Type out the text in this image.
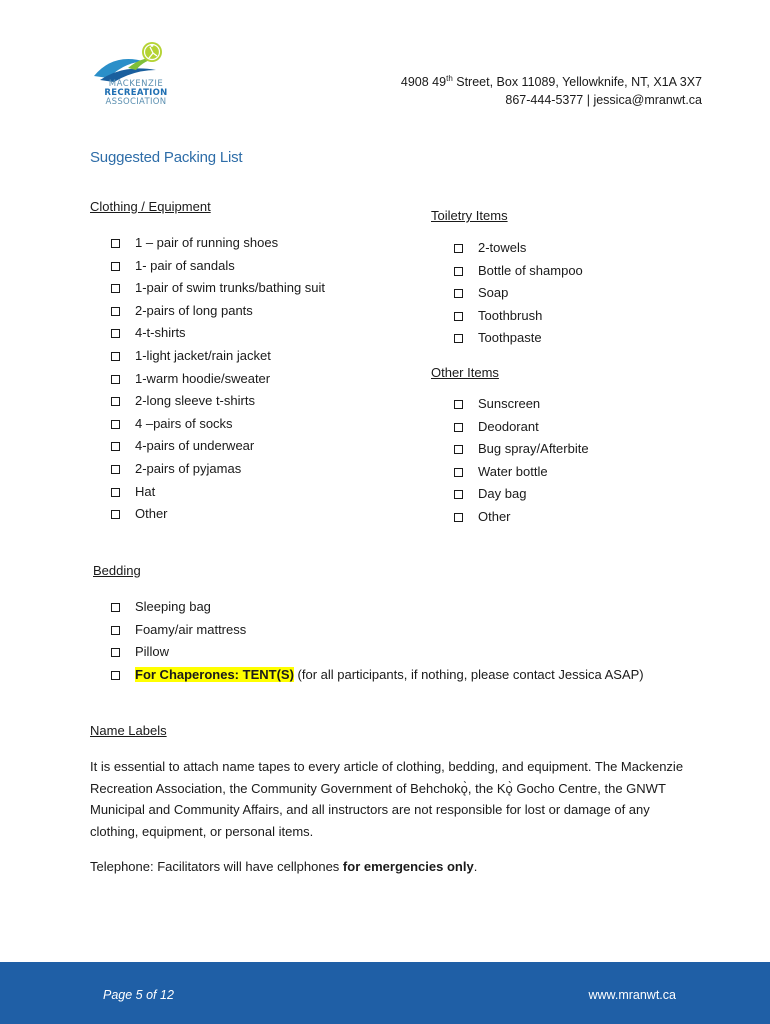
MACKENZIE
RECREATION
ASSOCIATION
4908 49th Street, Box 11089, Yellowknife, NT, X1A 3X7
867-444-5377 | jessica@mranwt.ca
Suggested Packing List
Clothing / Equipment
1 – pair of running shoes
1- pair of sandals
1-pair of swim trunks/bathing suit
2-pairs of long pants
4-t-shirts
1-light jacket/rain jacket
1-warm hoodie/sweater
2-long sleeve t-shirts
4 –pairs of socks
4-pairs of underwear
2-pairs of pyjamas
Hat
Other
Toiletry Items
2-towels
Bottle of shampoo
Soap
Toothbrush
Toothpaste
Other Items
Sunscreen
Deodorant
Bug spray/Afterbite
Water bottle
Day bag
Other
Bedding
Sleeping bag
Foamy/air mattress
Pillow
For Chaperones: TENT(S) (for all participants, if nothing, please contact Jessica ASAP)
Name Labels

It is essential to attach name tapes to every article of clothing, bedding, and equipment. The Mackenzie Recreation Association, the Community Government of Behchokǫ̀, the Kǫ̀ Gocho Centre, the GNWT Municipal and Community Affairs, and all instructors are not responsible for lost or damage of any clothing, equipment, or personal items.

Telephone: Facilitators will have cellphones for emergencies only.

Page 5 of 12	www.mranwt.ca
